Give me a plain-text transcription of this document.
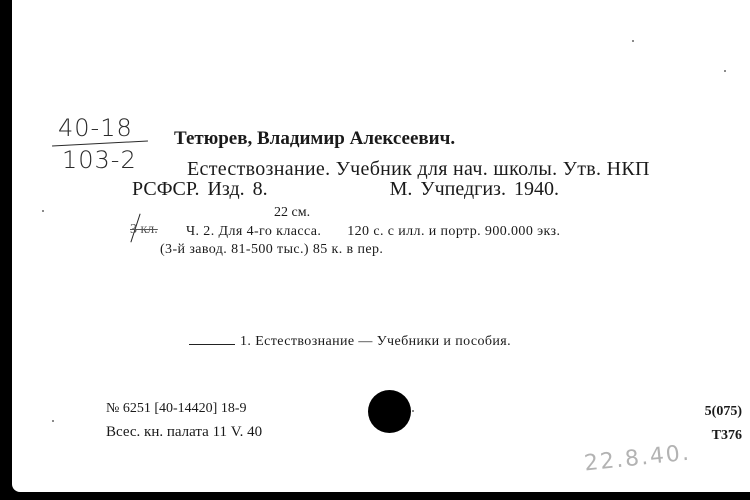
40-18
103-2
Тетюрев, Владимир Алексеевич.
Естествознание. Учебник для нач. школы. Утв. НКП
РСФСР. Изд. 8.	М. Учпедгиз. 1940.
22 см.
3 кл. Ч. 2. Для 4-го класса. 120 с. с илл. и портр. 900.000 экз.
(3-й завод. 81-500 тыс.) 85 к. в пер.
1. Естествознание — Учебники и пособия.
№ 6251 [40-14420] 18-9
Всес. кн. палата 11 V. 40
5(075)
Т376
22.8.40.
